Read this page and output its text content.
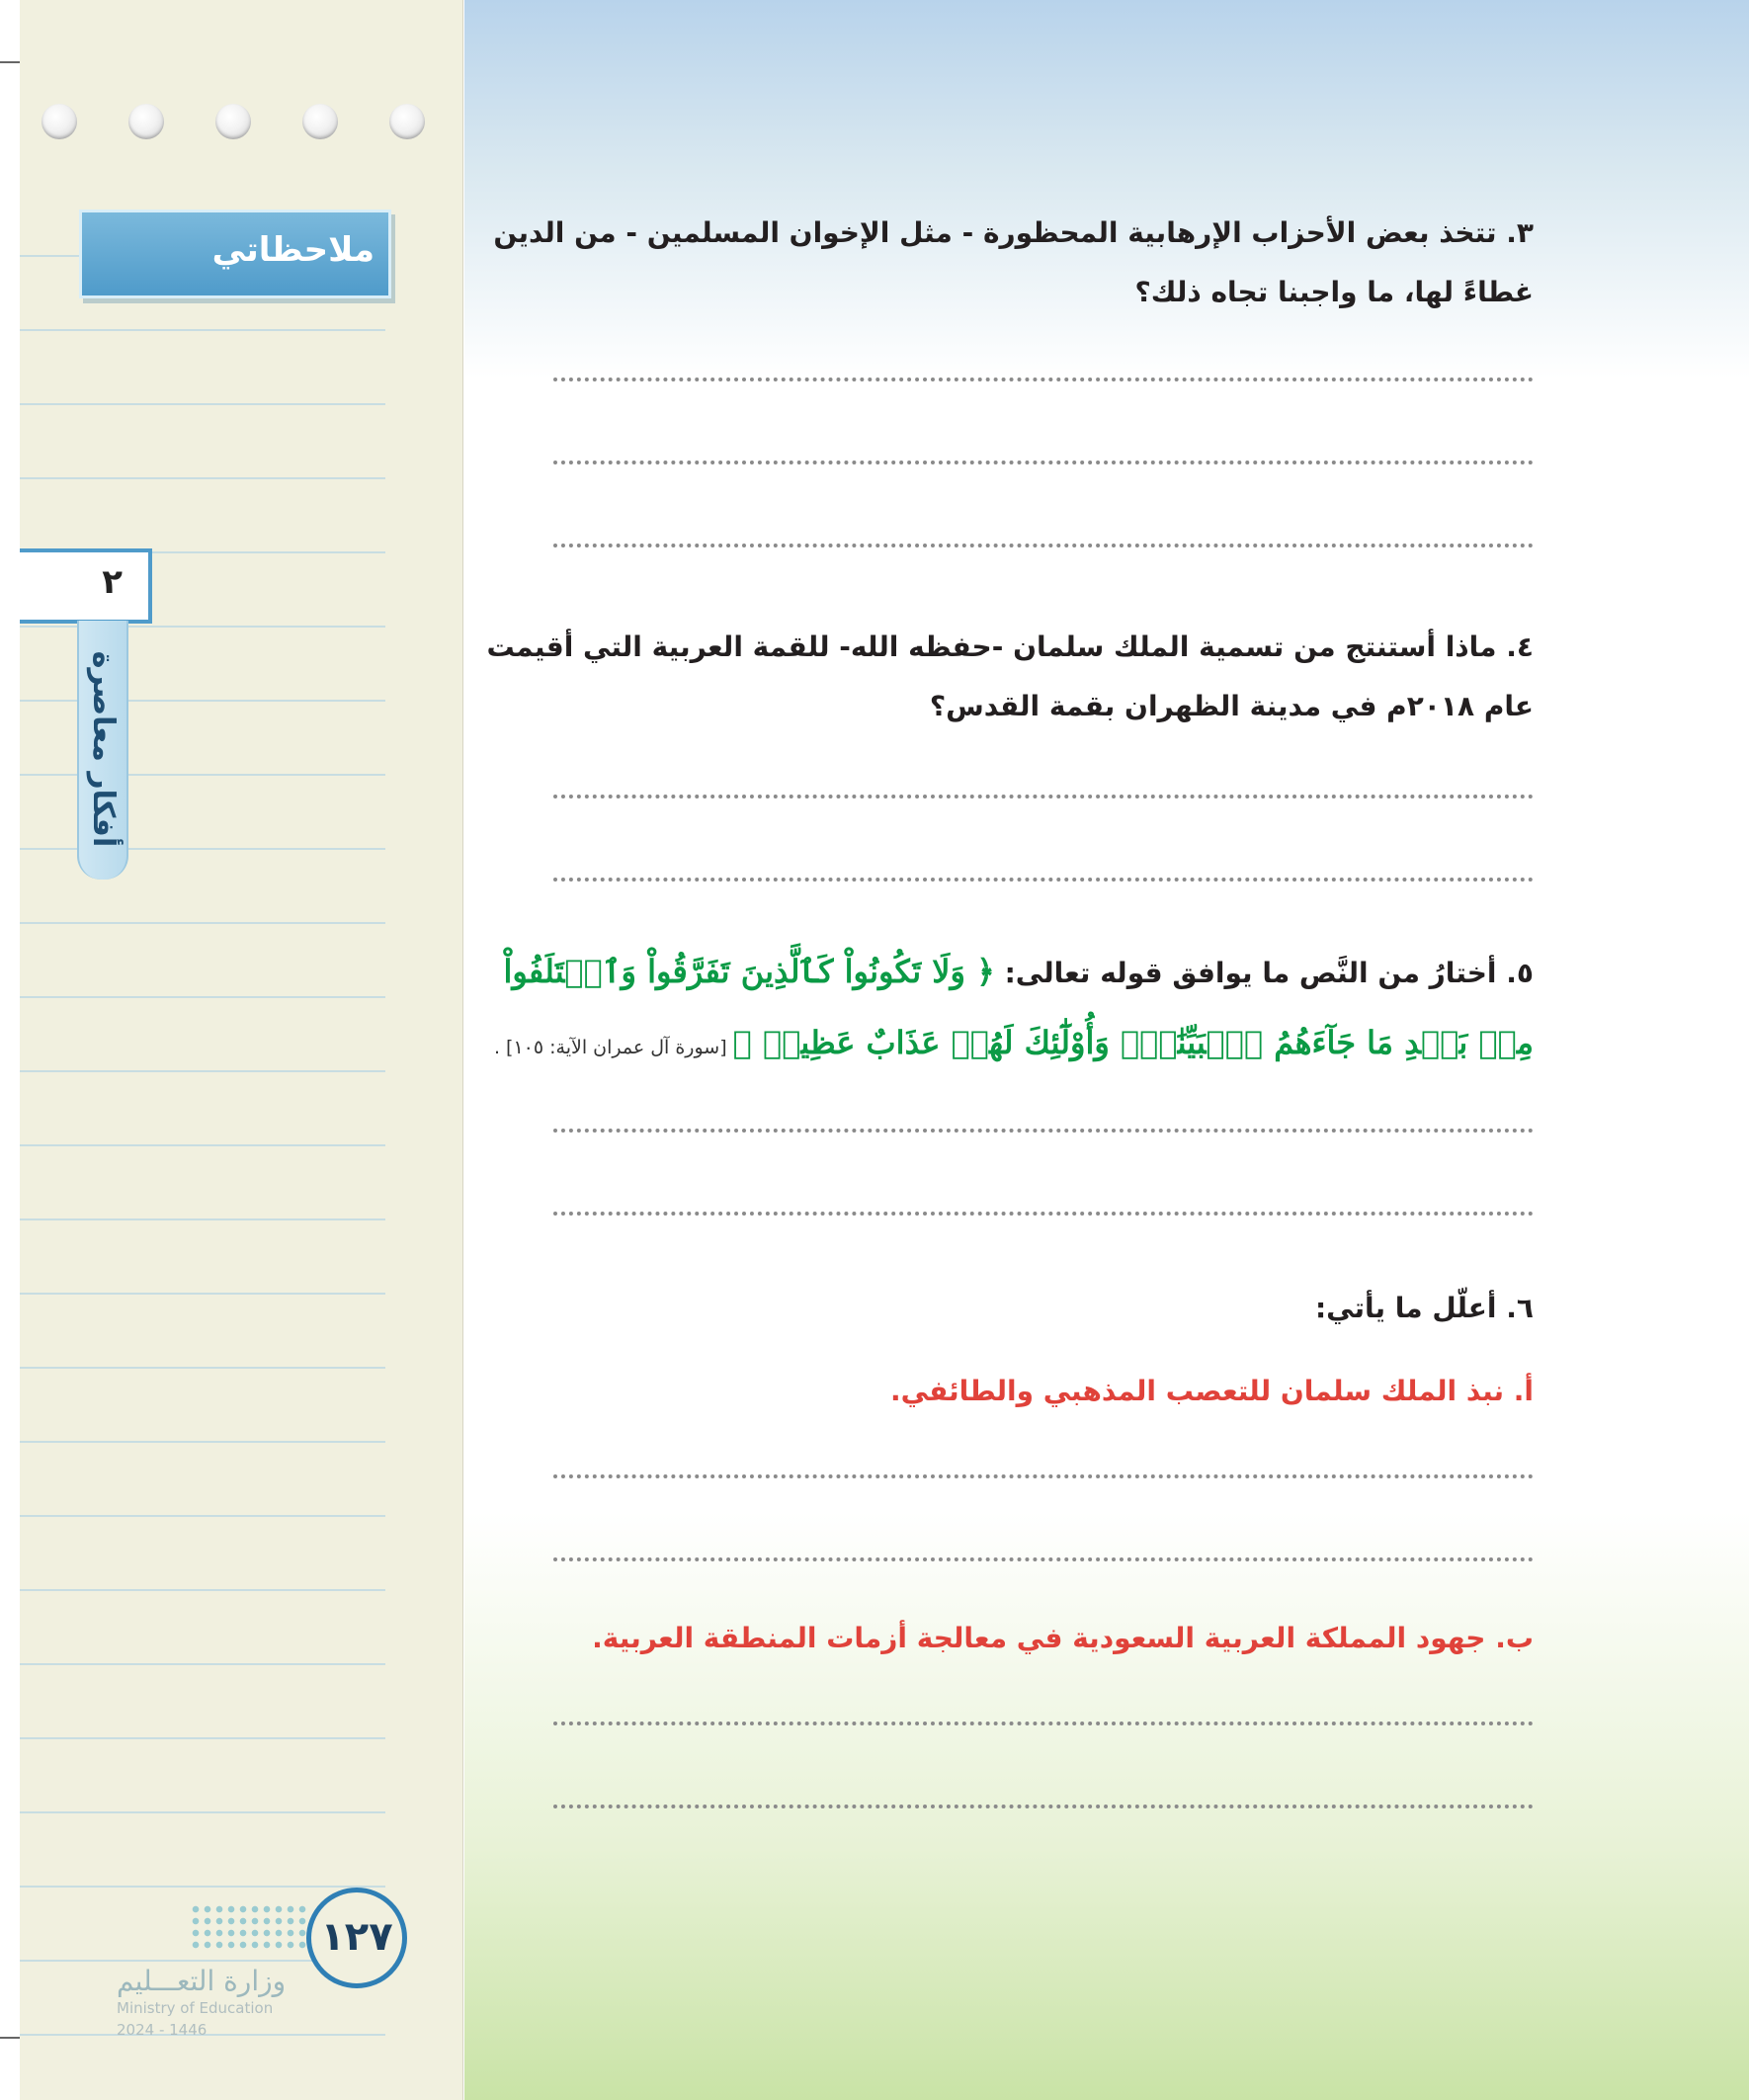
ملاحظاتي
١٢٧
وزارة التعـــليم
Ministry of Education
2024 - 1446
٢
أفكار معاصرة
٣. تتخذ بعض الأحزاب الإرهابية المحظورة - مثل الإخوان المسلمين - من الدين
غطاءً لها، ما واجبنا تجاه ذلك؟
٤. ماذا أستنتج من تسمية الملك سلمان -حفظه الله- للقمة العربية التي أقيمت
عام ٢٠١٨م في مدينة الظهران بقمة القدس؟
٥. أختارُ من النَّص ما يوافق قوله تعالى: ﴿ وَلَا تَكُونُواْ كَٱلَّذِينَ تَفَرَّقُواْ وَٱخۡتَلَفُواْ
مِنۢ بَعۡدِ مَا جَآءَهُمُ ٱلۡبَيِّنَٰتُۚ وَأُوْلَٰٓئِكَ لَهُمۡ عَذَابٌ عَظِيمٞ ﴾ [سورة آل عمران الآية: ١٠٥] .
٦. أعلّل ما يأتي:
أ. نبذ الملك سلمان للتعصب المذهبي والطائفي.
ب. جهود المملكة العربية السعودية في معالجة أزمات المنطقة العربية.
